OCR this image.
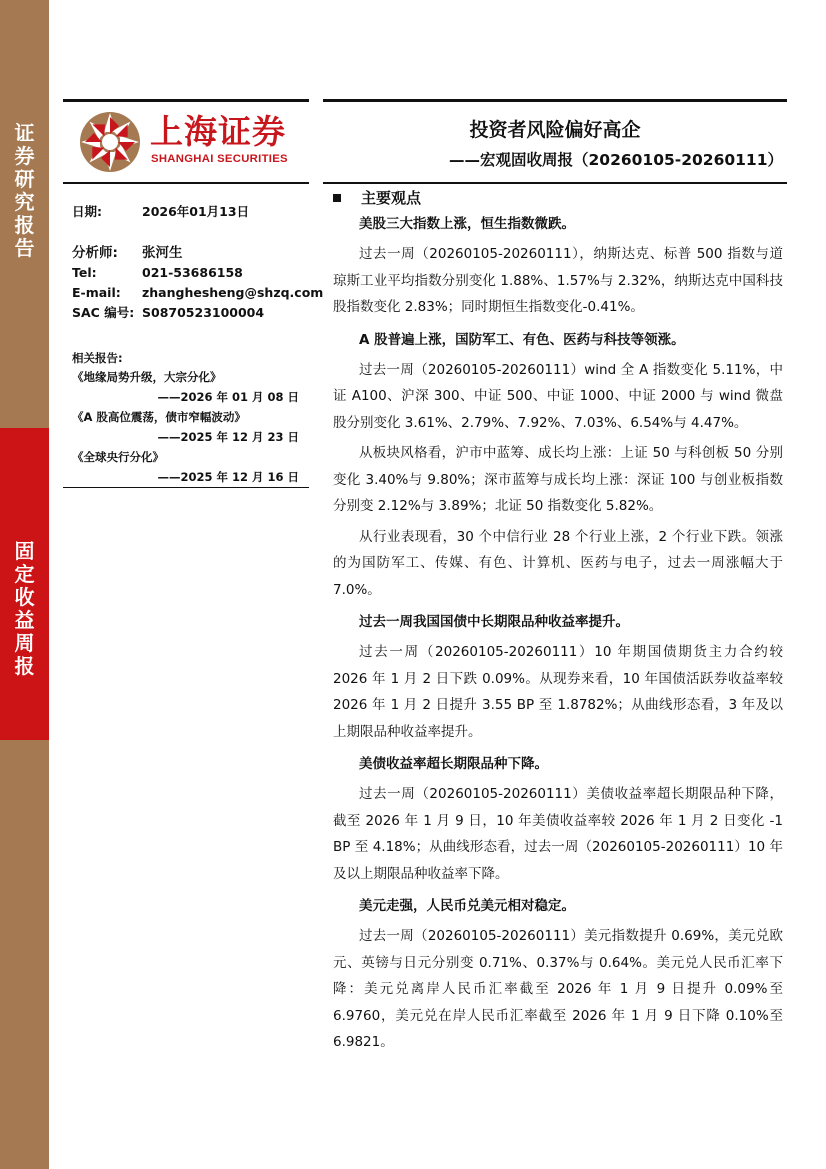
证
券
研
究
报
告
固
定
收
益
周
报
上海证券
SHANGHAI SECURITIES
投资者风险偏好高企
——宏观固收周报（20260105-20260111）
日期:	2026年01月13日
分析师: 张河生
Tel:	021-53686158
E-mail: zhanghesheng@shzq.com
SAC 编号: S0870523100004
相关报告:
《地缘局势升级，大宗分化》
——2026 年 01 月 08 日
《A 股高位震荡，债市窄幅波动》
——2025 年 12 月 23 日
《全球央行分化》
——2025 年 12 月 16 日
主要观点
美股三大指数上涨，恒生指数微跌。

过去一周（20260105-20260111），纳斯达克、标普 500 指数与道琼斯工业平均指数分别变化 1.88%、1.57%与 2.32%，纳斯达克中国科技股指数变化 2.83%；同时期恒生指数变化-0.41%。

A 股普遍上涨，国防军工、有色、医药与科技等领涨。

过去一周（20260105-20260111）wind 全 A 指数变化 5.11%，中证 A100、沪深 300、中证 500、中证 1000、中证 2000 与 wind 微盘股分别变化 3.61%、2.79%、7.92%、7.03%、6.54%与 4.47%。

从板块风格看，沪市中蓝筹、成长均上涨：上证 50 与科创板 50 分别变化 3.40%与 9.80%；深市蓝筹与成长均上涨：深证 100 与创业板指数分别变 2.12%与 3.89%；北证 50 指数变化 5.82%。

从行业表现看，30 个中信行业 28 个行业上涨，2 个行业下跌。领涨的为国防军工、传媒、有色、计算机、医药与电子，过去一周涨幅大于 7.0%。

过去一周我国国债中长期限品种收益率提升。

过去一周（20260105-20260111）10 年期国债期货主力合约较 2026 年 1 月 2 日下跌 0.09%。从现券来看，10 年国债活跃券收益率较 2026 年 1 月 2 日提升 3.55 BP 至 1.8782%；从曲线形态看，3 年及以上期限品种收益率提升。

美债收益率超长期限品种下降。

过去一周（20260105-20260111）美债收益率超长期限品种下降，截至 2026 年 1 月 9 日，10 年美债收益率较 2026 年 1 月 2 日变化 -1 BP 至 4.18%；从曲线形态看，过去一周（20260105-20260111）10 年及以上期限品种收益率下降。

美元走强，人民币兑美元相对稳定。

过去一周（20260105-20260111）美元指数提升 0.69%，美元兑欧元、英镑与日元分别变 0.71%、0.37%与 0.64%。美元兑人民币汇率下降：美元兑离岸人民币汇率截至 2026 年 1 月 9 日提升 0.09%至 6.9760，美元兑在岸人民币汇率截至 2026 年 1 月 9 日下降 0.10%至 6.9821。
